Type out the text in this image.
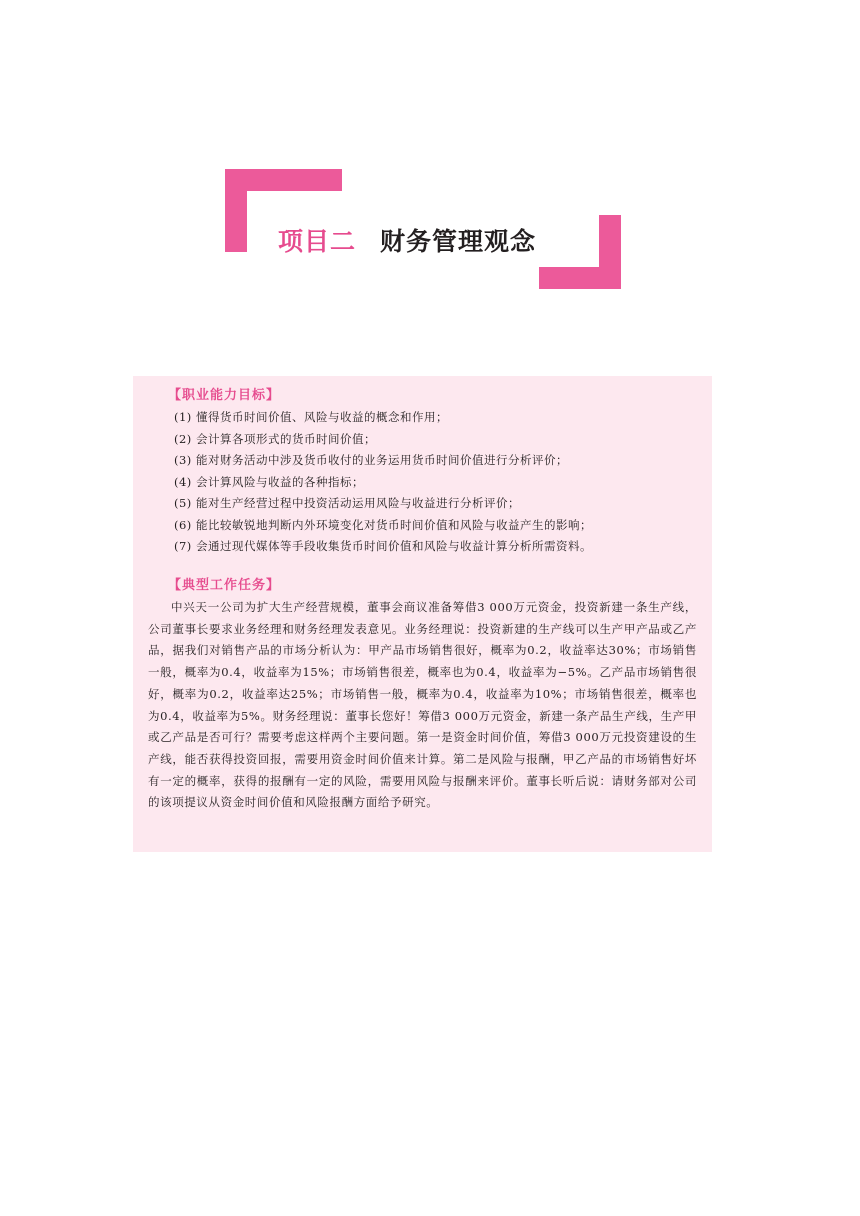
项目二 财务管理观念
【职业能力目标】
(1) 懂得货币时间价值、风险与收益的概念和作用；
(2) 会计算各项形式的货币时间价值；
(3) 能对财务活动中涉及货币收付的业务运用货币时间价值进行分析评价；
(4) 会计算风险与收益的各种指标；
(5) 能对生产经营过程中投资活动运用风险与收益进行分析评价；
(6) 能比较敏锐地判断内外环境变化对货币时间价值和风险与收益产生的影响；
(7) 会通过现代媒体等手段收集货币时间价值和风险与收益计算分析所需资料。
【典型工作任务】
中兴天一公司为扩大生产经营规模，董事会商议准备筹借3 000万元资金，投资新建一条生产线，公司董事长要求业务经理和财务经理发表意见。业务经理说：投资新建的生产线可以生产甲产品或乙产品，据我们对销售产品的市场分析认为：甲产品市场销售很好，概率为0.2，收益率达30%；市场销售一般，概率为0.4，收益率为15%；市场销售很差，概率也为0.4，收益率为−5%。乙产品市场销售很好，概率为0.2，收益率达25%；市场销售一般，概率为0.4，收益率为10%；市场销售很差，概率也为0.4，收益率为5%。财务经理说：董事长您好！筹借3 000万元资金，新建一条产品生产线，生产甲或乙产品是否可行？需要考虑这样两个主要问题。第一是资金时间价值，筹借3 000万元投资建设的生产线，能否获得投资回报，需要用资金时间价值来计算。第二是风险与报酬，甲乙产品的市场销售好坏有一定的概率，获得的报酬有一定的风险，需要用风险与报酬来评价。董事长听后说：请财务部对公司的该项提议从资金时间价值和风险报酬方面给予研究。
